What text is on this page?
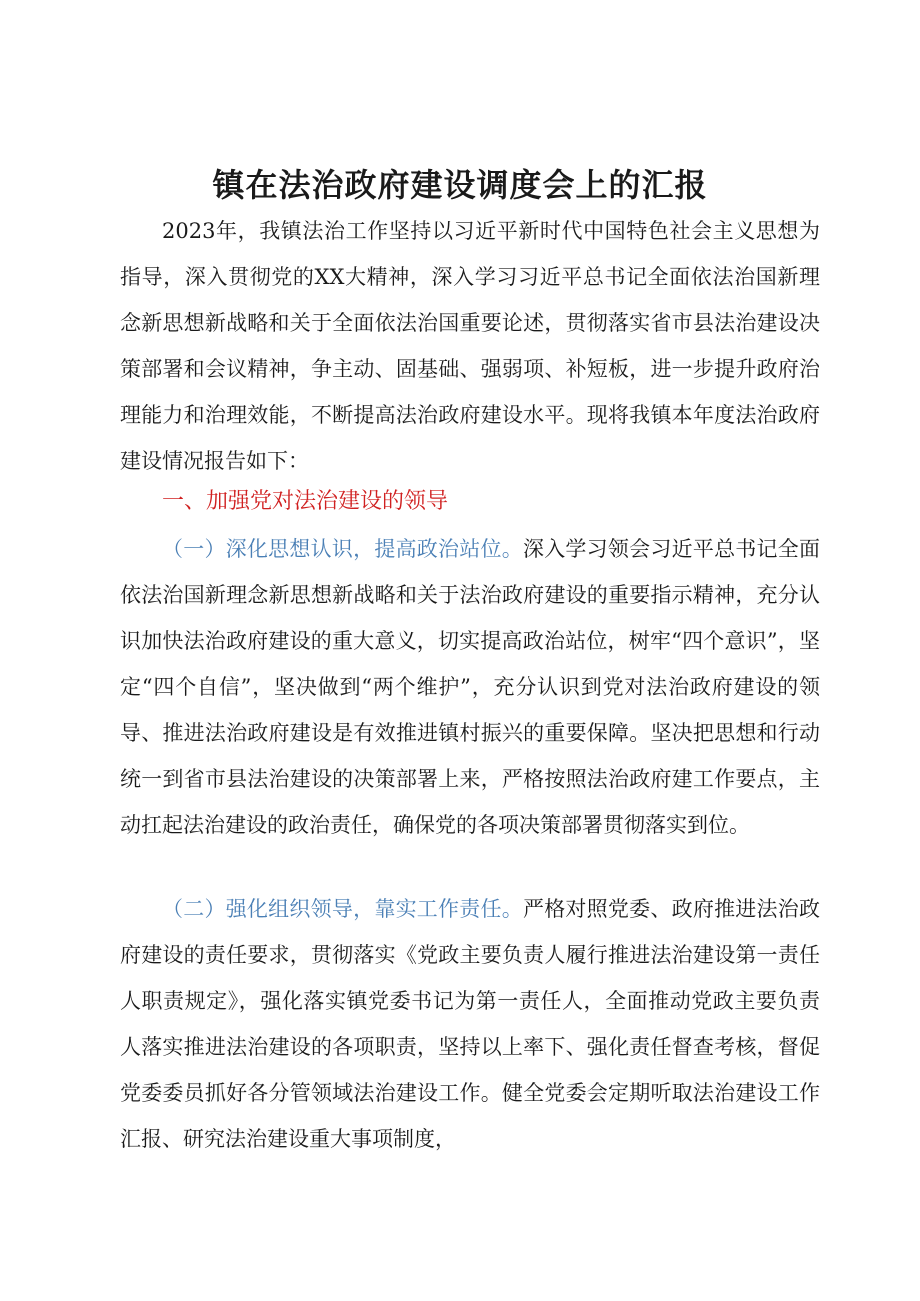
镇在法治政府建设调度会上的汇报

2023年，我镇法治工作坚持以习近平新时代中国特色社会主义思想为指导，深入贯彻党的XX大精神，深入学习习近平总书记全面依法治国新理念新思想新战略和关于全面依法治国重要论述，贯彻落实省市县法治建设决策部署和会议精神，争主动、固基础、强弱项、补短板，进一步提升政府治理能力和治理效能，不断提高法治政府建设水平。现将我镇本年度法治政府建设情况报告如下：

一、加强党对法治建设的领导

（一）深化思想认识，提高政治站位。深入学习领会习近平总书记全面依法治国新理念新思想新战略和关于法治政府建设的重要指示精神，充分认识加快法治政府建设的重大意义，切实提高政治站位，树牢“四个意识”，坚定“四个自信”，坚决做到“两个维护”，充分认识到党对法治政府建设的领导、推进法治政府建设是有效推进镇村振兴的重要保障。坚决把思想和行动统一到省市县法治建设的决策部署上来，严格按照法治政府建工作要点，主动扛起法治建设的政治责任，确保党的各项决策部署贯彻落实到位。

（二）强化组织领导，靠实工作责任。严格对照党委、政府推进法治政府建设的责任要求，贯彻落实《党政主要负责人履行推进法治建设第一责任人职责规定》，强化落实镇党委书记为第一责任人，全面推动党政主要负责人落实推进法治建设的各项职责，坚持以上率下、强化责任督查考核，督促党委委员抓好各分管领域法治建设工作。健全党委会定期听取法治建设工作汇报、研究法治建设重大事项制度，
